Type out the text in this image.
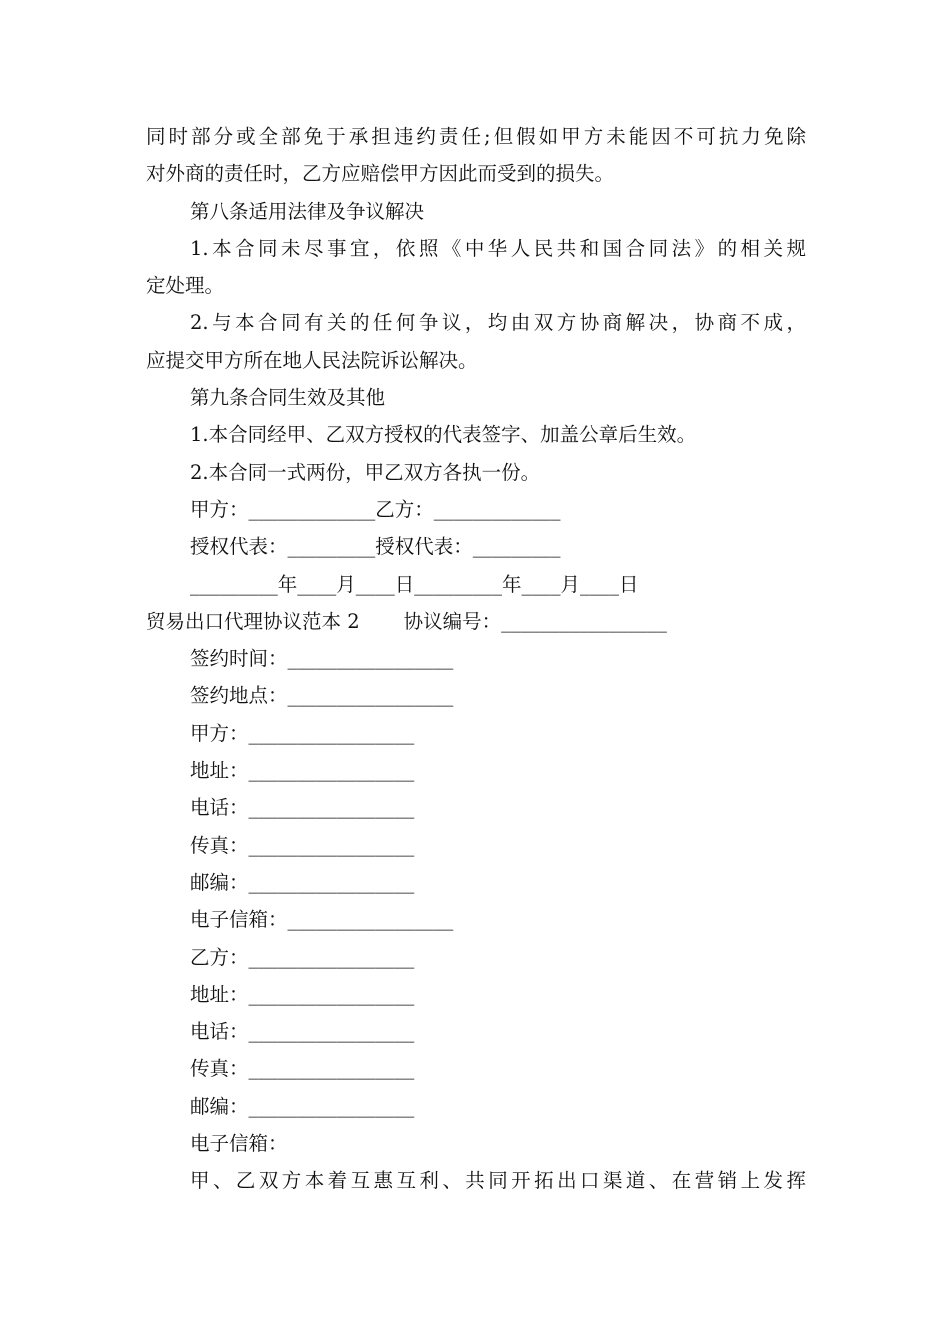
同时部分或全部免于承担违约责任;但假如甲方未能因不可抗力免除
对外商的责任时，乙方应赔偿甲方因此而受到的损失。
第八条适用法律及争议解决
1.本合同未尽事宜，依照《中华人民共和国合同法》的相关规
定处理。
2.与本合同有关的任何争议，均由双方协商解决，协商不成，
应提交甲方所在地人民法院诉讼解决。
第九条合同生效及其他
1.本合同经甲、乙双方授权的代表签字、加盖公章后生效。
2.本合同一式两份，甲乙双方各执一份。
甲方：_____________乙方：_____________
授权代表：_________授权代表：_________
_________年____月____日_________年____月____日
贸易出口代理协议范本 2 协议编号：_________________
签约时间：_________________
签约地点：_________________
甲方：_________________
地址：_________________
电话：_________________
传真：_________________
邮编：_________________
电子信箱：_________________
乙方：_________________
地址：_________________
电话：_________________
传真：_________________
邮编：_________________
电子信箱：
甲、乙双方本着互惠互利、共同开拓出口渠道、在营销上发挥
